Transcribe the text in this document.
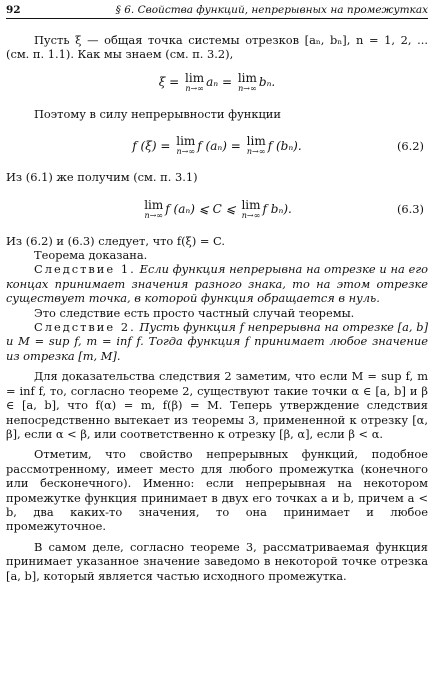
92	§ 6. Свойства функций, непрерывных на промежутках

Пусть ξ — общая точка системы отрезков [aₙ, bₙ], n = 1, 2, ... (см. п. 1.1). Как мы знаем (см. п. 3.2),

ξ =
lim
n→∞ aₙ =
lim
n→∞ bₙ.

Поэтому в силу непрерывности функции

f (ξ) =
lim
n→∞ f (aₙ) =
lim
n→∞ f (bₙ).	(6.2)

Из (6.1) же получим (см. п. 3.1)

lim
n→∞ f (aₙ) ⩽ C ⩽
lim
n→∞ f bₙ).	(6.3)

Из (6.2) и (6.3) следует, что f(ξ) = C.

Теорема доказана.

Следствие 1. Если функция непрерывна на отрезке и на его концах принимает значения разного знака, то на этом отрезке существует точка, в которой функция обращается в нуль.

Это следствие есть просто частный случай теоремы.

Следствие 2. Пусть функция f непрерывна на отрезке [a, b] и M = sup f, m = inf f. Тогда функция f принимает любое значение из отрезка [m, M].

Для доказательства следствия 2 заметим, что если M = sup f, m = inf f, то, согласно теореме 2, существуют такие точки α ∈ [a, b] и β ∈ [a, b], что f(α) = m, f(β) = M. Теперь утверждение следствия непосредственно вытекает из теоремы 3, примененной к отрезку [α, β], если α < β, или соответственно к отрезку [β, α], если β < α.

Отметим, что свойство непрерывных функций, подобное рассмотренному, имеет место для любого промежутка (конечного или бесконечного). Именно: если непрерывная на некотором промежутке функция принимает в двух его точках a и b, причем a < b, два каких-то значения, то она принимает и любое промежуточное.

В самом деле, согласно теореме 3, рассматриваемая функция принимает указанное значение заведомо в некоторой точке отрезка [a, b], который является частью исходного промежутка.
